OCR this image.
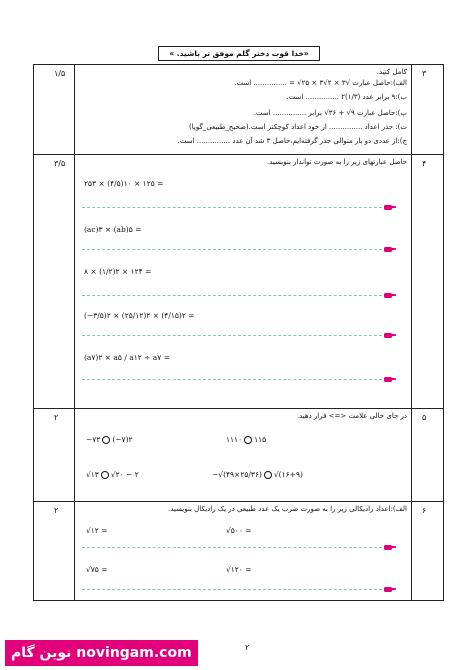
«خدا قوت دختر گلم موفق تر باشید. »
۱/۵	۳
کامل کنید.
الف):حاصل عبارت √۳ × ۲√۳ × ۲۵√ = ............... است.
ب):۹ برابر عدد (۱/۳)۲ ............... است.
پ):حاصل عبارت ۹√ + ۳۶√ برابر ............... است.
ت): جذر اعداد ............... از خود اعداد کوچکتر است.(صحیح_طبیعی_گویا)
ج):از عددی دو بار متوالی جذر گرفته‌ایم،حاصل ۳ شد آن عدد ............... است.
۳/۵	۴
حاصل عبارتهای زیر را به صورت تواندار بنویسید.
۲۵۳ × (۴/۵)۱۰ × ۱۲۵ =
(ac)۳ × (ab)۵ =
۸ × (۱/۲)۲ × ۱۲۴ =
(−۳/۵)۲ × (۲۵/۱۲)۲ × (۴/۱۵)۲ =
(a۷)۲ × a۵ / a۱۲ ÷ a۷ =
۲	۵
در جای خالی علامت <=> قرار دهید.
−۷۲ (−۷)۲	۱۱۱۰ ۱۱۵
√۱۳ √۲۰ − ۲	−√(۴۹×۲۵/۳۶) √(۱۶+۹)
۲	۶
الف):اعداد رادیکالی زیر را به صورت ضرب یک عدد طبیعی در یک رادیکال بنویسید.
√۱۲ =	√۵۰۰ =
√۷۵ =	√۱۲۰ =
نوین گام novingam.com	۲
